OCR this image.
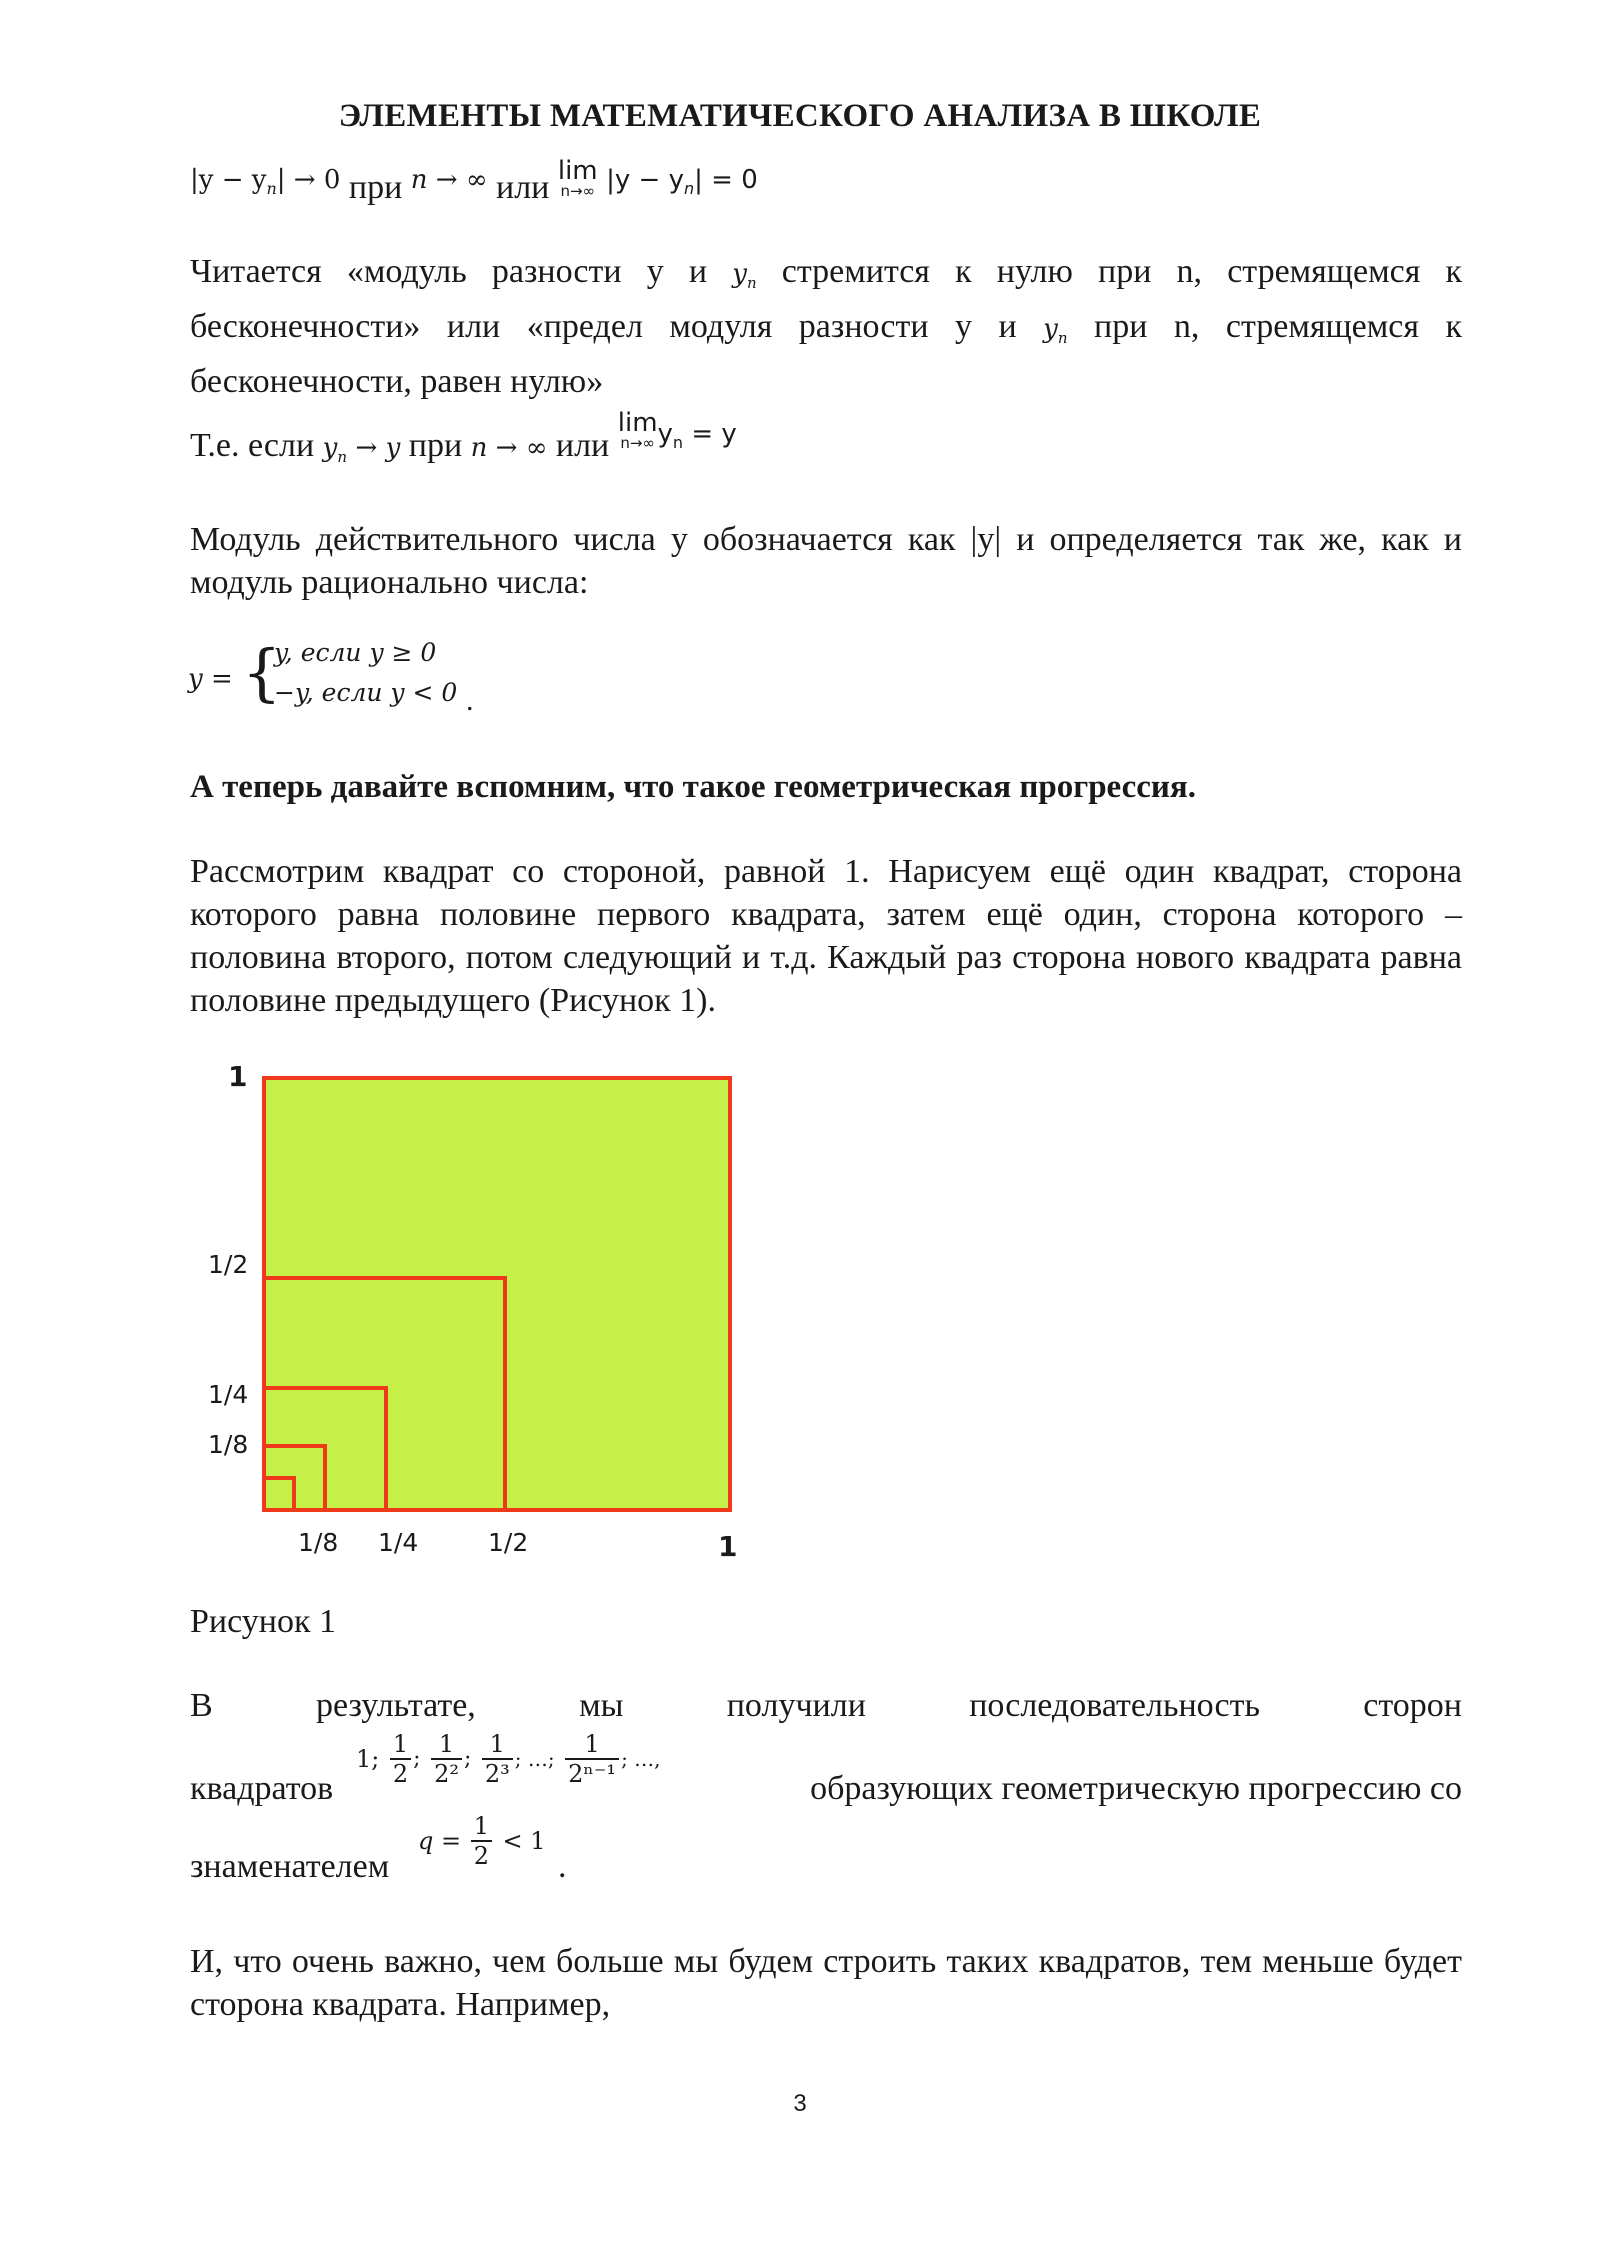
ЭЛЕМЕНТЫ МАТЕМАТИЧЕСКОГО АНАЛИЗА В ШКОЛЕ
$|y - y_n| \to 0$ при n → ∞ или lim
n→∞ $|y - y_n| = 0$
Читается «модуль разности y и $y_n$ стремится к нулю при n, стремящемся к бесконечности» или «предел модуля разности y и $y_n$ при n, стремящемся к бесконечности, равен нулю»
Т.е. если $y_n \to y$ при n → ∞ или
lim
n→∞ $^{y_n = y}$
Модуль действительного числа y обозначается как |y| и определяется так же, как и модуль рационально числа:
y = {
y, если y ≥ 0
−y, если y < 0 .
А теперь давайте вспомним, что такое геометрическая прогрессия.
Рассмотрим квадрат со стороной, равной 1. Нарисуем ещё один квадрат, сторона которого равна половине первого квадрата, затем ещё один, сторона которого – половина второго, потом следующий и т.д. Каждый раз сторона нового квадрата равна половине предыдущего (Рисунок 1).
1
1/2
1/4
1/8
1/8 1/4	1/2	1
Рисунок 1
В	результате,	мы	получили	последовательность	сторон
квадратов
1; $\frac{1}{2}$ ; $\frac{1}{\text{2²}}$ ; $\frac{1}{\text{2³}}$ ; …; $\frac{1}{\text{2ⁿ⁻¹}}$ ; …,
образующих геометрическую прогрессию со
знаменателем
$q = \frac{1}{2} < 1$
.
И, что очень важно, чем больше мы будем строить таких квадратов, тем меньше будет сторона квадрата. Например,
3
